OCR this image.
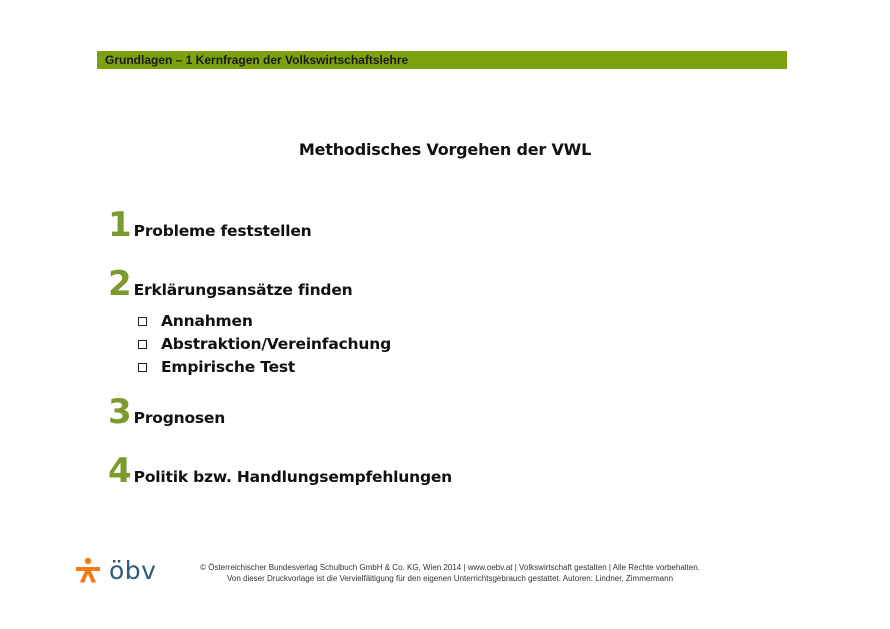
Grundlagen – 1 Kernfragen der Volkswirtschaftslehre
Methodisches Vorgehen der VWL
1 Probleme feststellen
2 Erklärungsansätze finden
Annahmen
Abstraktion/Vereinfachung
Empirische Test
3 Prognosen
4 Politik bzw. Handlungsempfehlungen
öbv	© Österreichischer Bundesverlag Schulbuch GmbH & Co. KG, Wien 2014 | www.oebv.at | Volkswirtschaft gestalten | Alle Rechte vorbehalten.
Von dieser Druckvorlage ist die Vervielfältigung für den eigenen Unterrichtsgebrauch gestattet. Autoren: Lindner, Zimmermann
